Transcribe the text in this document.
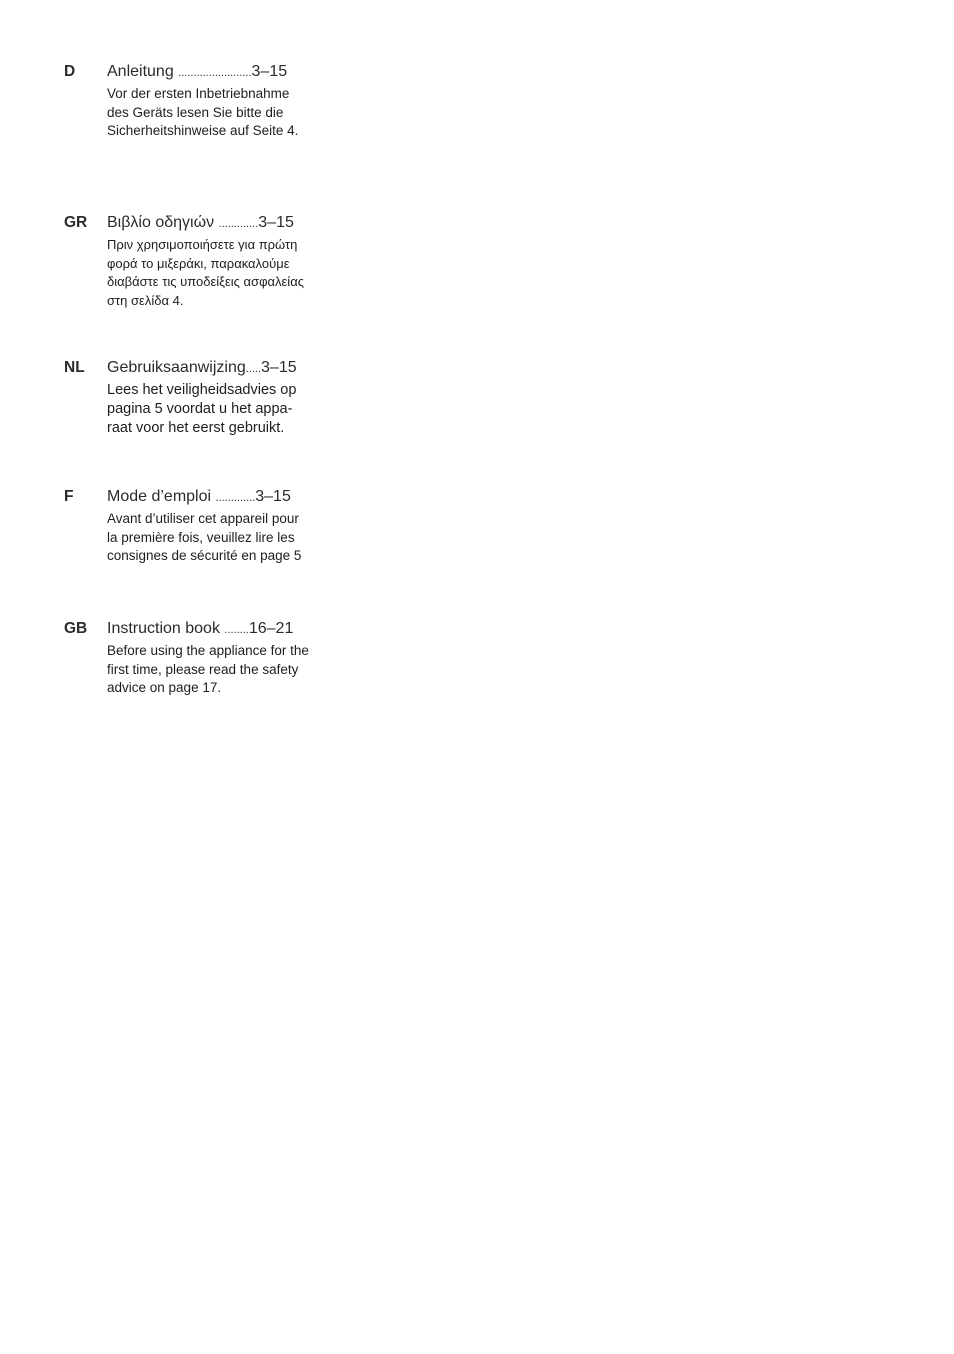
D Anleitung ........................3–15
Vor der ersten Inbetriebnahme
des Geräts lesen Sie bitte die
Sicherheitshinweise auf Seite 4.
GR Βιβλίο οδηγιών .............3–15
Πριν χρησιμοποιήσετε για πρώτη
φορά το μιξεράκι, παρακαλούμε
διαβάστε τις υποδείξεις ασφαλείας
στη σελίδα 4.
NL Gebruiksaanwijzing.....3–15
Lees het veiligheidsadvies op
pagina 5 voordat u het appa-
raat voor het eerst gebruikt.
F Mode d’emploi .............3–15
Avant d’utiliser cet appareil pour
la première fois, veuillez lire les
consignes de sécurité en page 5
GB Instruction book ........16–21
Before using the appliance for the
first time, please read the safety
advice on page 17.
